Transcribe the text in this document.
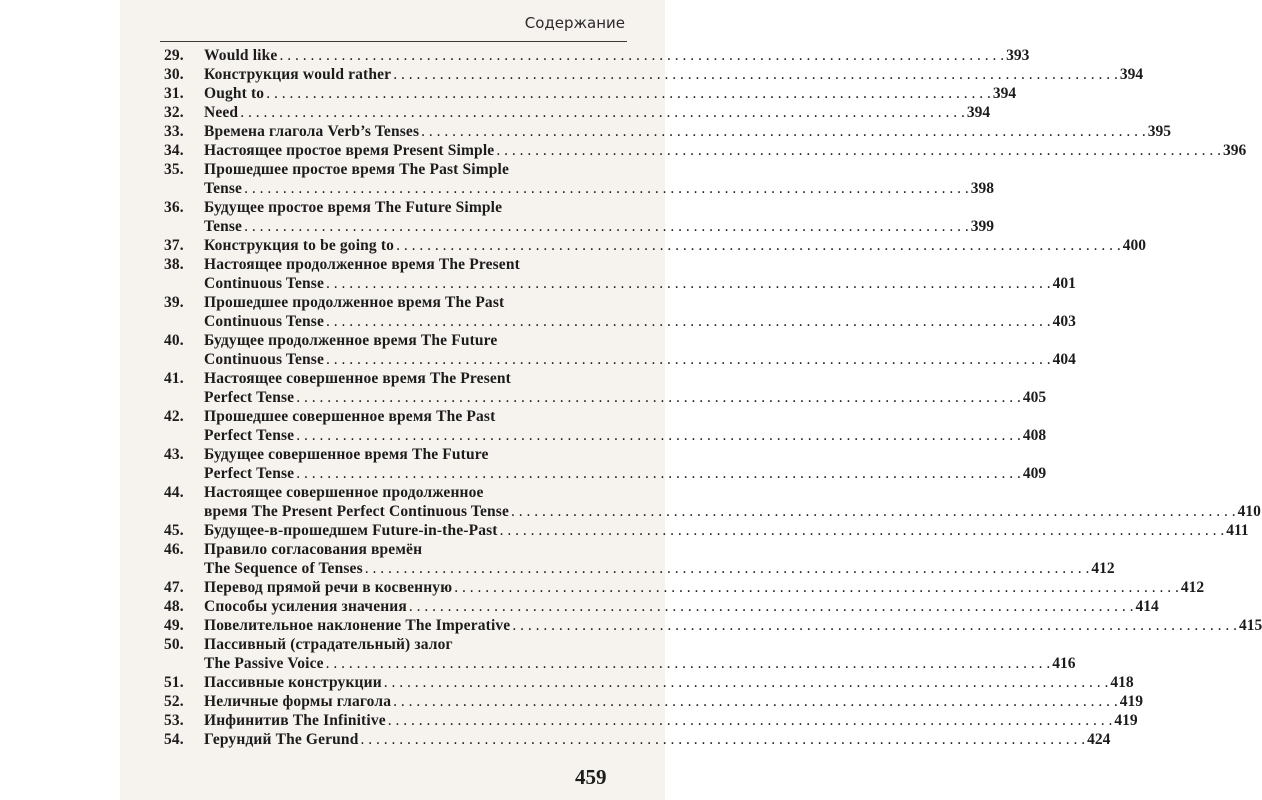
Содержание
29.	Would like . . .	393
30.	Конструкция would rather . . .	394
31.	Ought to . . .	394
32.	Need . . .	394
33.	Времена глагола Verb’s Tenses . . .	395
34.	Настоящее простое время Present Simple . . .	396
35.	Прошедшее простое время The Past Simple
Tense . . .	398
36.	Будущее простое время The Future Simple
Tense . . .	399
37.	Конструкция to be going to . . .	400
38.	Настоящее продолженное время The Present
Continuous Tense . . .	401
39.	Прошедшее продолженное время The Past
Continuous Tense . . .	403
40.	Будущее продолженное время The Future
Continuous Tense . . .	404
41.	Настоящее совершенное время The Present
Perfect Tense . . .	405
42.	Прошедшее совершенное время The Past
Perfect Tense . . .	408
43.	Будущее совершенное время The Future
Perfect Tense . . .	409
44.	Настоящее совершенное продолженное
время The Present Perfect Continuous Tense . . .	410
45.	Будущее-в-прошедшем Future-in-the-Past . . .	411
46.	Правило согласования времён
The Sequence of Tenses . . .	412
47.	Перевод прямой речи в косвенную . . .	412
48.	Способы усиления значения . . .	414
49.	Повелительное наклонение The Imperative . . .	415
50.	Пассивный (страдательный) залог
The Passive Voice . . .	416
51.	Пассивные конструкции . . .	418
52.	Неличные формы глагола . . .	419
53.	Инфинитив The Infinitive . . .	419
54.	Герундий The Gerund . . .	424
459
